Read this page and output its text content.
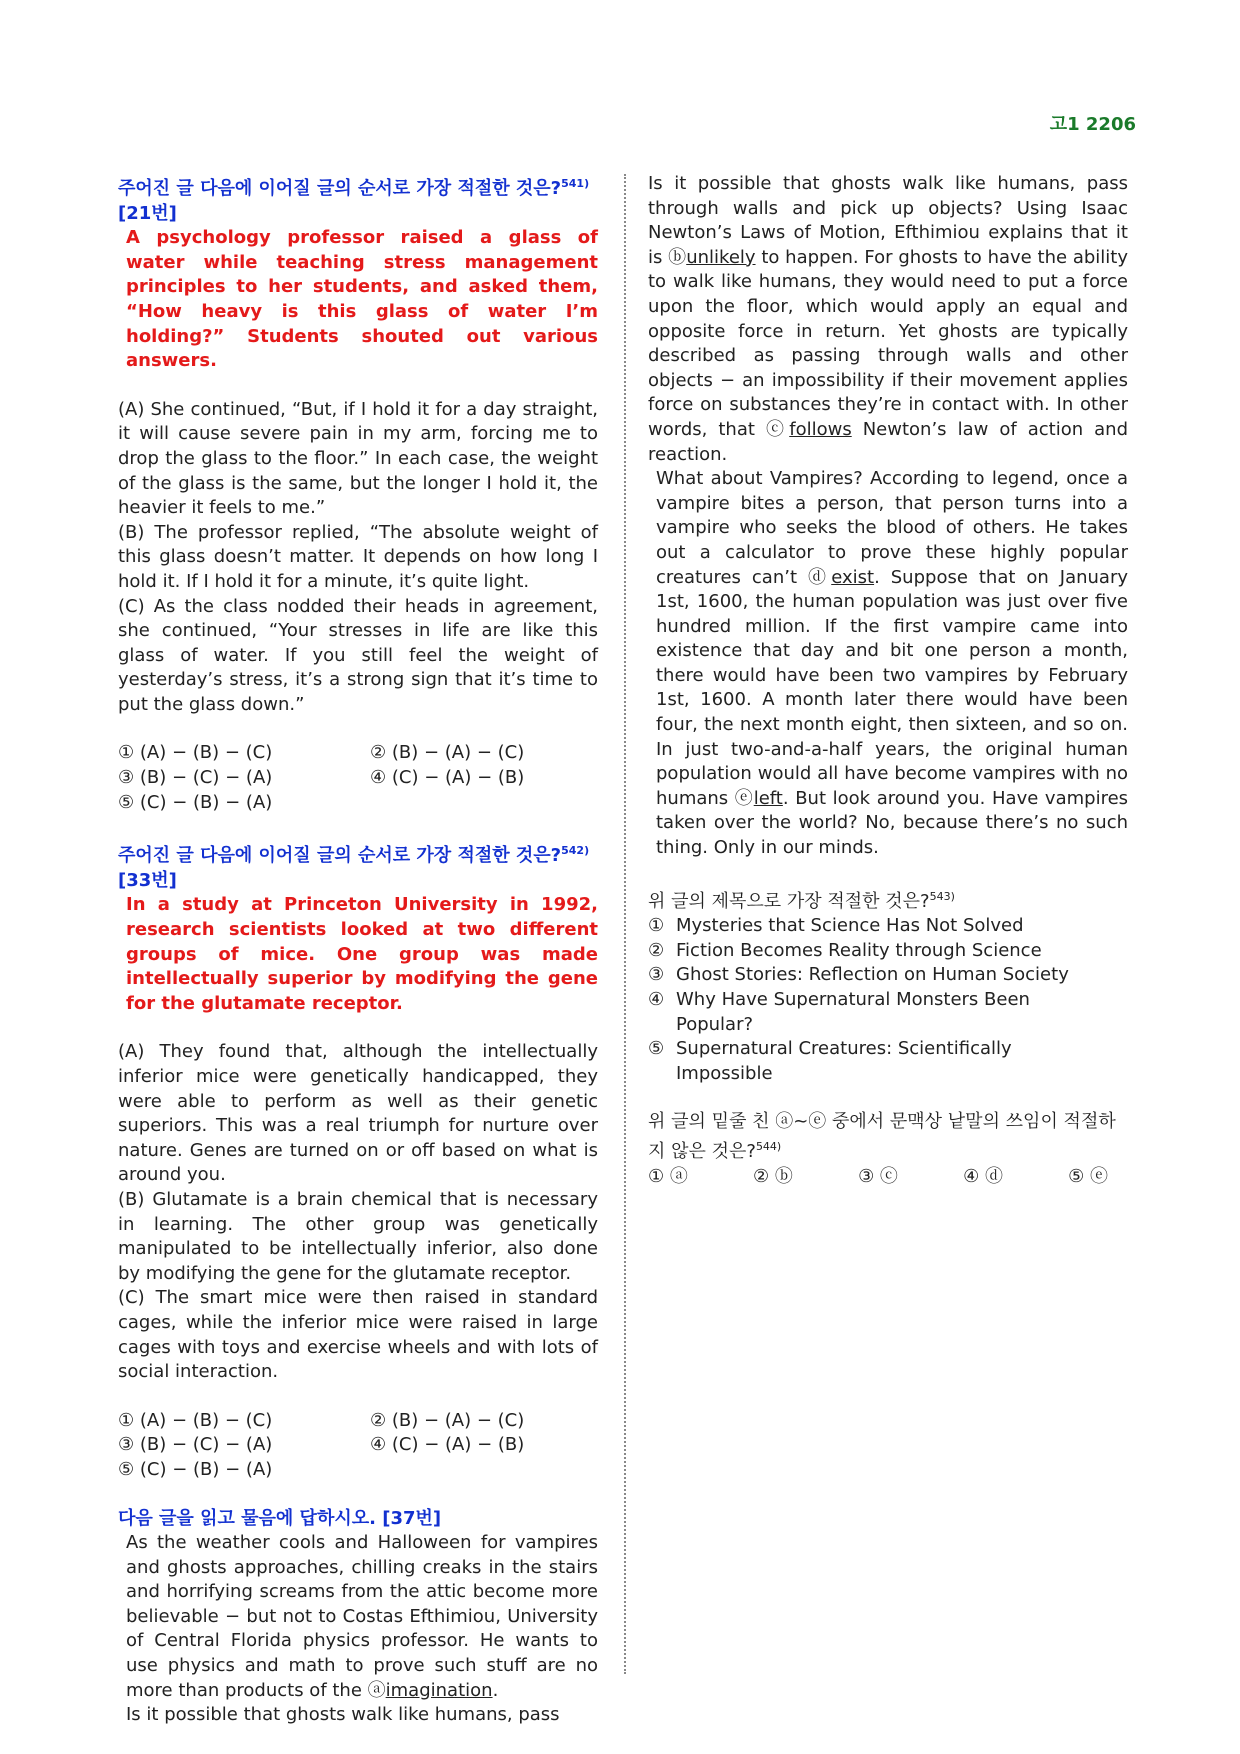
고1 2206

주어진 글 다음에 이어질 글의 순서로 가장 적절한 것은?$^{541)}$ [21번]

A psychology professor raised a glass of water while teaching stress management principles to her students, and asked them, “How heavy is this glass of water I’m holding?” Students shouted out various answers.

(A) She continued, “But, if I hold it for a day straight, it will cause severe pain in my arm, forcing me to drop the glass to the floor.” In each case, the weight of the glass is the same, but the longer I hold it, the heavier it feels to me.”

(B) The professor replied, “The absolute weight of this glass doesn’t matter. It depends on how long I hold it. If I hold it for a minute, it’s quite light.

(C) As the class nodded their heads in agreement, she continued, “Your stresses in life are like this glass of water. If you still feel the weight of yesterday’s stress, it’s a strong sign that it’s time to put the glass down.”

① (A) − (B) − (C)	② (B) − (A) − (C)
③ (B) − (C) − (A)	④ (C) − (A) − (B)
⑤ (C) − (B) − (A)

주어진 글 다음에 이어질 글의 순서로 가장 적절한 것은?$^{542)}$ [33번]

In a study at Princeton University in 1992, research scientists looked at two different groups of mice. One group was made intellectually superior by modifying the gene for the glutamate receptor.

(A) They found that, although the intellectually inferior mice were genetically handicapped, they were able to perform as well as their genetic superiors. This was a real triumph for nurture over nature. Genes are turned on or off based on what is around you.

(B) Glutamate is a brain chemical that is necessary in learning. The other group was genetically manipulated to be intellectually inferior, also done by modifying the gene for the glutamate receptor.

(C) The smart mice were then raised in standard cages, while the inferior mice were raised in large cages with toys and exercise wheels and with lots of social interaction.

① (A) − (B) − (C)	② (B) − (A) − (C)
③ (B) − (C) − (A)	④ (C) − (A) − (B)
⑤ (C) − (B) − (A)

다음 글을 읽고 물음에 답하시오. [37번]

As the weather cools and Halloween for vampires and ghosts approaches, chilling creaks in the stairs and horrifying screams from the attic become more believable − but not to Costas Efthimiou, University of Central Florida physics professor. He wants to use physics and math to prove such stuff are no more than products of the ⓐimagination.

Is it possible that ghosts walk like humans, pass

Is it possible that ghosts walk like humans, pass through walls and pick up objects? Using Isaac Newton’s Laws of Motion, Efthimiou explains that it is ⓑunlikely to happen. For ghosts to have the ability to walk like humans, they would need to put a force upon the floor, which would apply an equal and opposite force in return. Yet ghosts are typically described as passing through walls and other objects − an impossibility if their movement applies force on substances they’re in contact with. In other words, that ⓒfollows Newton’s law of action and reaction.

What about Vampires? According to legend, once a vampire bites a person, that person turns into a vampire who seeks the blood of others. He takes out a calculator to prove these highly popular creatures can’t ⓓexist. Suppose that on January 1st, 1600, the human population was just over five hundred million. If the first vampire came into existence that day and bit one person a month, there would have been two vampires by February 1st, 1600. A month later there would have been four, the next month eight, then sixteen, and so on. In just two-and-a-half years, the original human population would all have become vampires with no humans ⓔleft. But look around you. Have vampires taken over the world? No, because there’s no such thing. Only in our minds.

위 글의 제목으로 가장 적절한 것은?$^{543)}$

① Mysteries that Science Has Not Solved
② Fiction Becomes Reality through Science
③ Ghost Stories: Reflection on Human Society
④ Why Have Supernatural Monsters Been Popular?
⑤ Supernatural Creatures: Scientifically Impossible

위 글의 밑줄 친 ⓐ~ⓔ 중에서 문맥상 낱말의 쓰임이 적절하지 않은 것은?$^{544)}$

① ⓐ	② ⓑ	③ ⓒ	④ ⓓ	⑤ ⓔ
